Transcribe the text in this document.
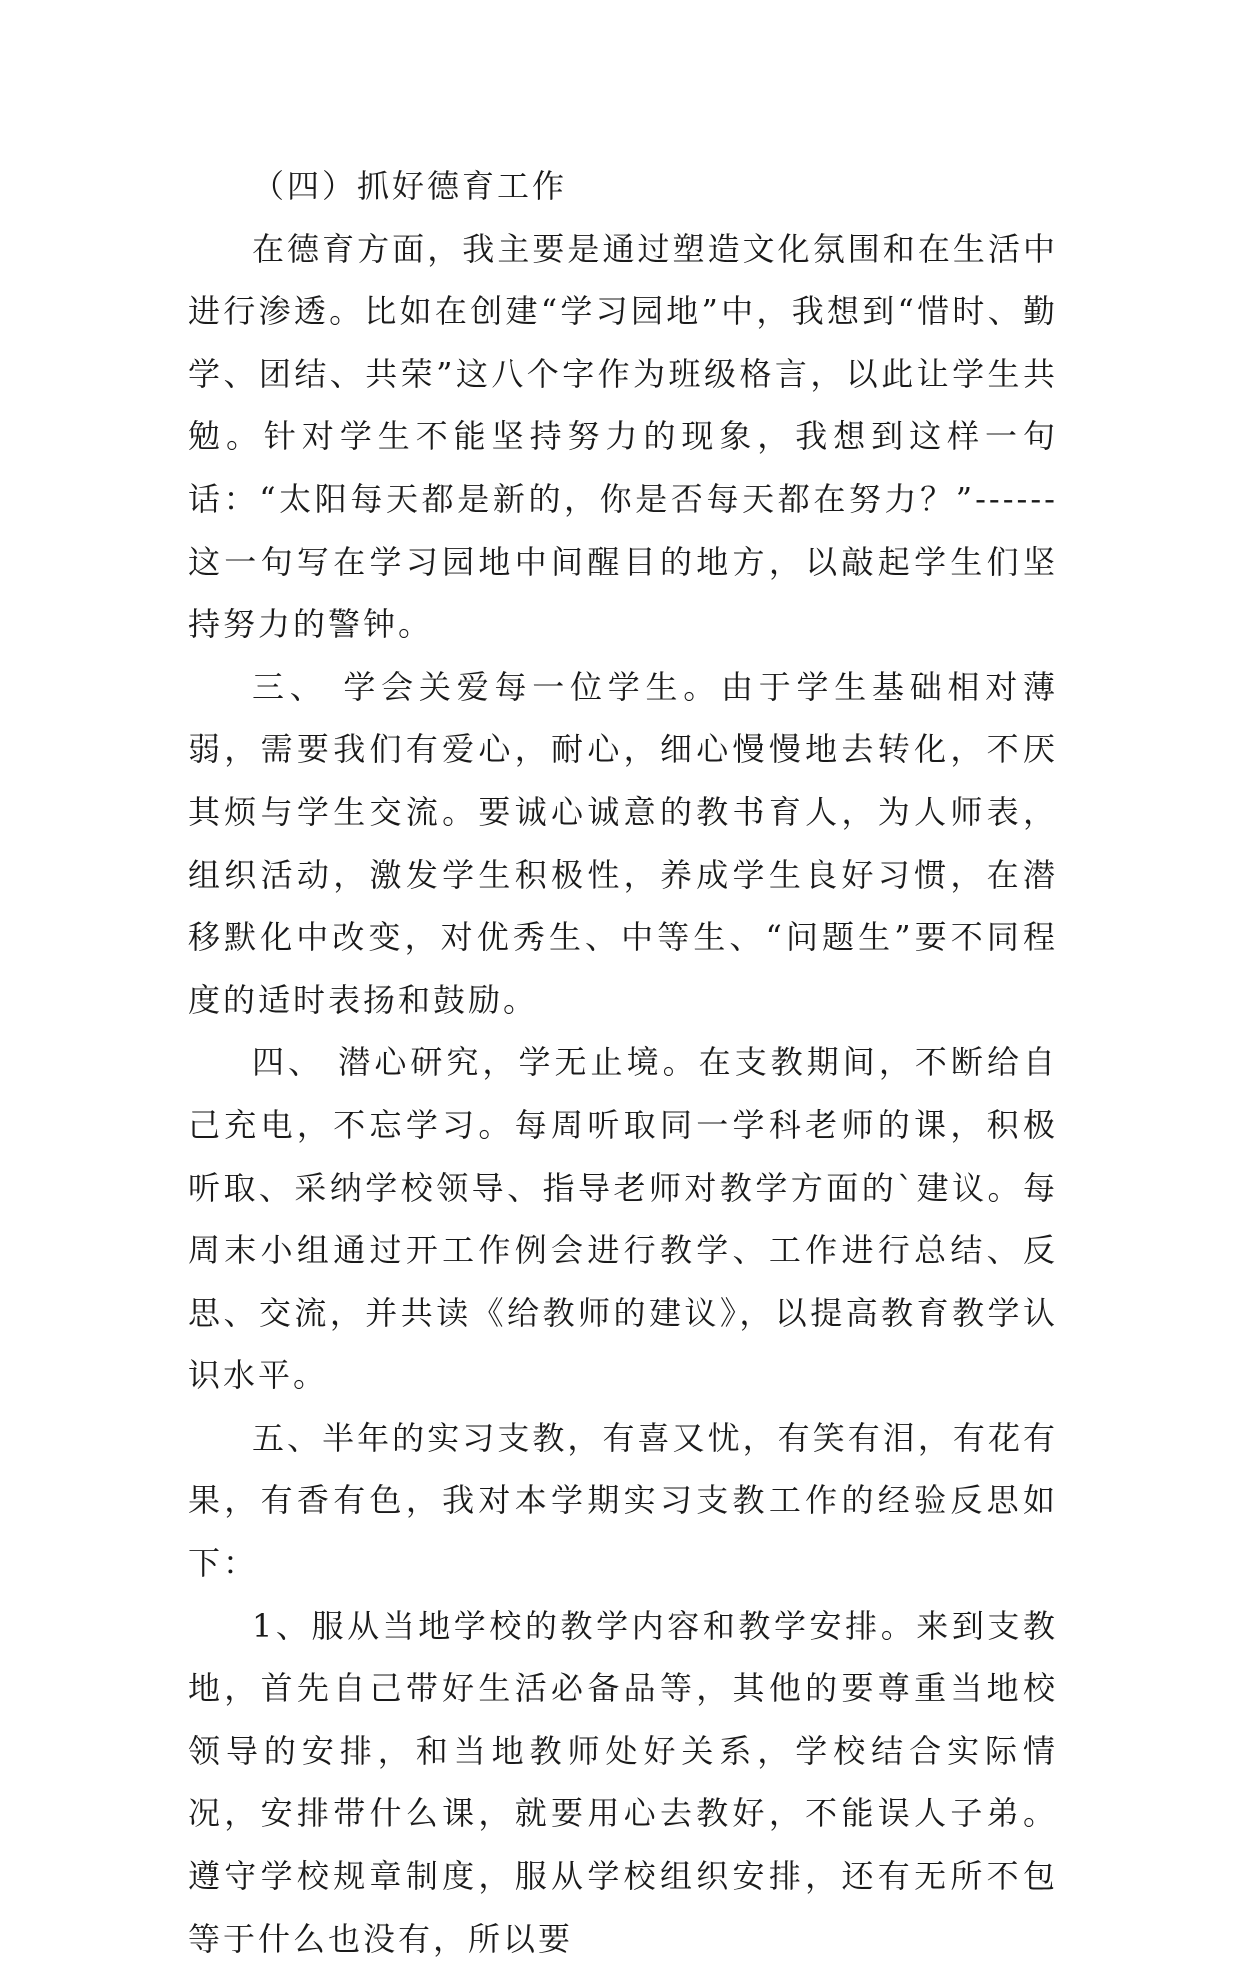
（四）抓好德育工作

在德育方面，我主要是通过塑造文化氛围和在生活中进行渗透。比如在创建“学习园地”中，我想到“惜时、勤学、团结、共荣”这八个字作为班级格言，以此让学生共勉。针对学生不能坚持努力的现象，我想到这样一句话：“太阳每天都是新的，你是否每天都在努力？”------这一句写在学习园地中间醒目的地方，以敲起学生们坚持努力的警钟。

三、 学会关爱每一位学生。由于学生基础相对薄弱，需要我们有爱心，耐心，细心慢慢地去转化，不厌其烦与学生交流。要诚心诚意的教书育人，为人师表，组织活动，激发学生积极性，养成学生良好习惯，在潜移默化中改变，对优秀生、中等生、“问题生”要不同程度的适时表扬和鼓励。

四、 潜心研究，学无止境。在支教期间，不断给自己充电，不忘学习。每周听取同一学科老师的课，积极听取、采纳学校领导、指导老师对教学方面的`建议。每周末小组通过开工作例会进行教学、工作进行总结、反思、交流，并共读《给教师的建议》，以提高教育教学认识水平。

五、半年的实习支教，有喜又忧，有笑有泪，有花有果，有香有色，我对本学期实习支教工作的经验反思如下：

1、服从当地学校的教学内容和教学安排。来到支教地，首先自己带好生活必备品等，其他的要尊重当地校领导的安排，和当地教师处好关系，学校结合实际情况，安排带什么课，就要用心去教好，不能误人子弟。遵守学校规章制度，服从学校组织安排，还有无所不包等于什么也没有，所以要
